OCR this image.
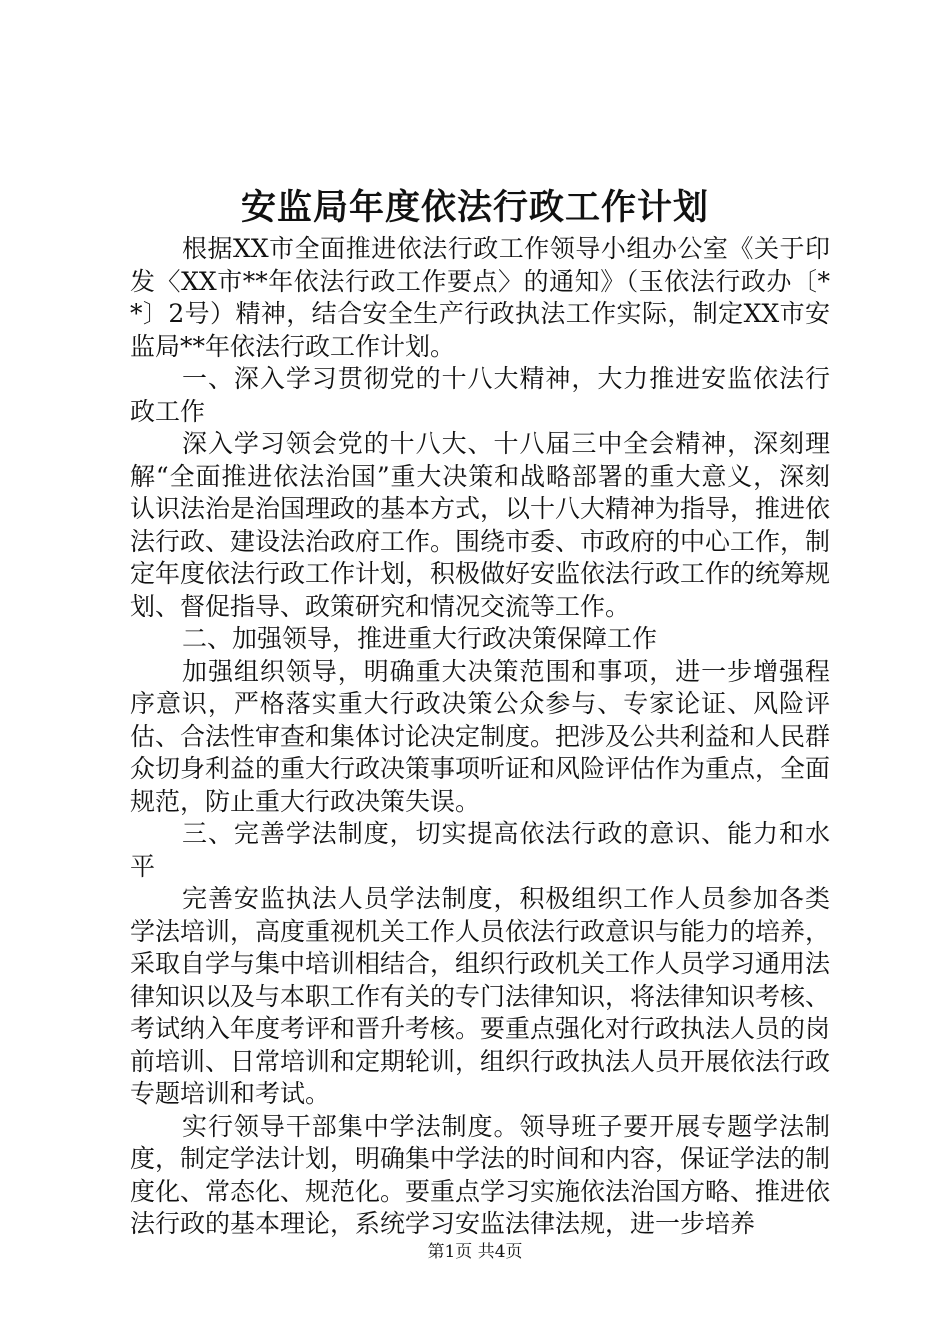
安监局年度依法行政工作计划

根据XX市全面推进依法行政工作领导小组办公室《关于印发〈XX市**年依法行政工作要点〉的通知》（玉依法行政办〔**〕2号）精神，结合安全生产行政执法工作实际，制定XX市安监局**年依法行政工作计划。

一、深入学习贯彻党的十八大精神，大力推进安监依法行政工作

深入学习领会党的十八大、十八届三中全会精神，深刻理解“全面推进依法治国”重大决策和战略部署的重大意义，深刻认识法治是治国理政的基本方式，以十八大精神为指导，推进依法行政、建设法治政府工作。围绕市委、市政府的中心工作，制定年度依法行政工作计划，积极做好安监依法行政工作的统筹规划、督促指导、政策研究和情况交流等工作。

二、加强领导，推进重大行政决策保障工作

加强组织领导，明确重大决策范围和事项，进一步增强程序意识，严格落实重大行政决策公众参与、专家论证、风险评估、合法性审查和集体讨论决定制度。把涉及公共利益和人民群众切身利益的重大行政决策事项听证和风险评估作为重点，全面规范，防止重大行政决策失误。

三、完善学法制度，切实提高依法行政的意识、能力和水平

完善安监执法人员学法制度，积极组织工作人员参加各类学法培训，高度重视机关工作人员依法行政意识与能力的培养，采取自学与集中培训相结合，组织行政机关工作人员学习通用法律知识以及与本职工作有关的专门法律知识，将法律知识考核、考试纳入年度考评和晋升考核。要重点强化对行政执法人员的岗前培训、日常培训和定期轮训，组织行政执法人员开展依法行政专题培训和考试。

实行领导干部集中学法制度。领导班子要开展专题学法制度，制定学法计划，明确集中学法的时间和内容，保证学法的制度化、常态化、规范化。要重点学习实施依法治国方略、推进依法行政的基本理论，系统学习安监法律法规，进一步培养

第1页 共4页
